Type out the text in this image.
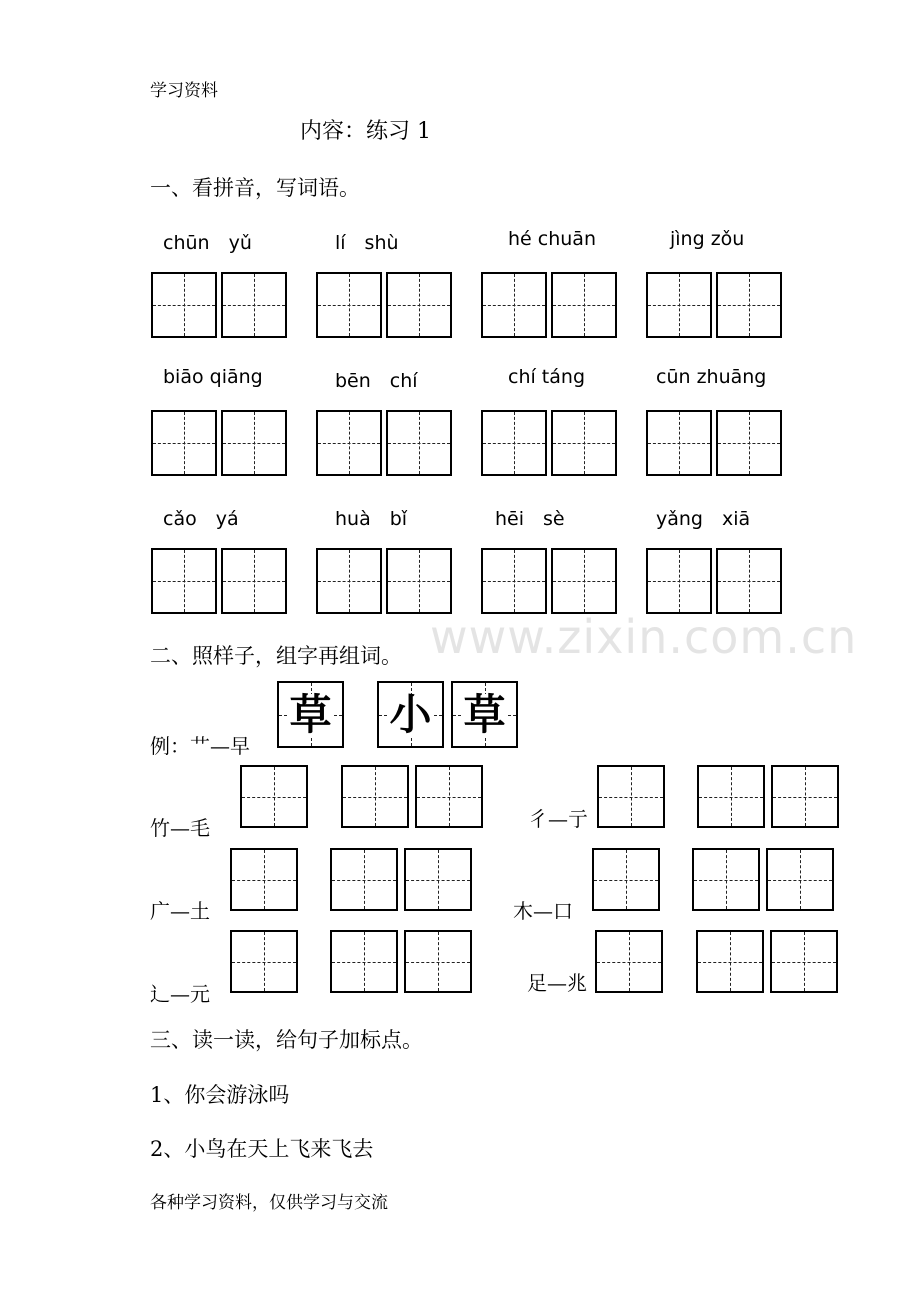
学习资料
内容：练习 1
一、看拼音，写词语。
chūn　yǔ	lí　shù	hé chuān	jìng zǒu
biāo qiāng	bēn　chí	chí táng	cūn zhuāng
cǎo　yá	huà　bǐ	hēi　sè	yǎng　xiā
www.zixin.com.cn
二、照样子，组字再组词。
例：艹—早
草 小 草
竹—毛
广—土
辶—元
彳—亍
木—口
足—兆
三、读一读，给句子加标点。
1、你会游泳吗
2、小鸟在天上飞来飞去
各种学习资料，仅供学习与交流
